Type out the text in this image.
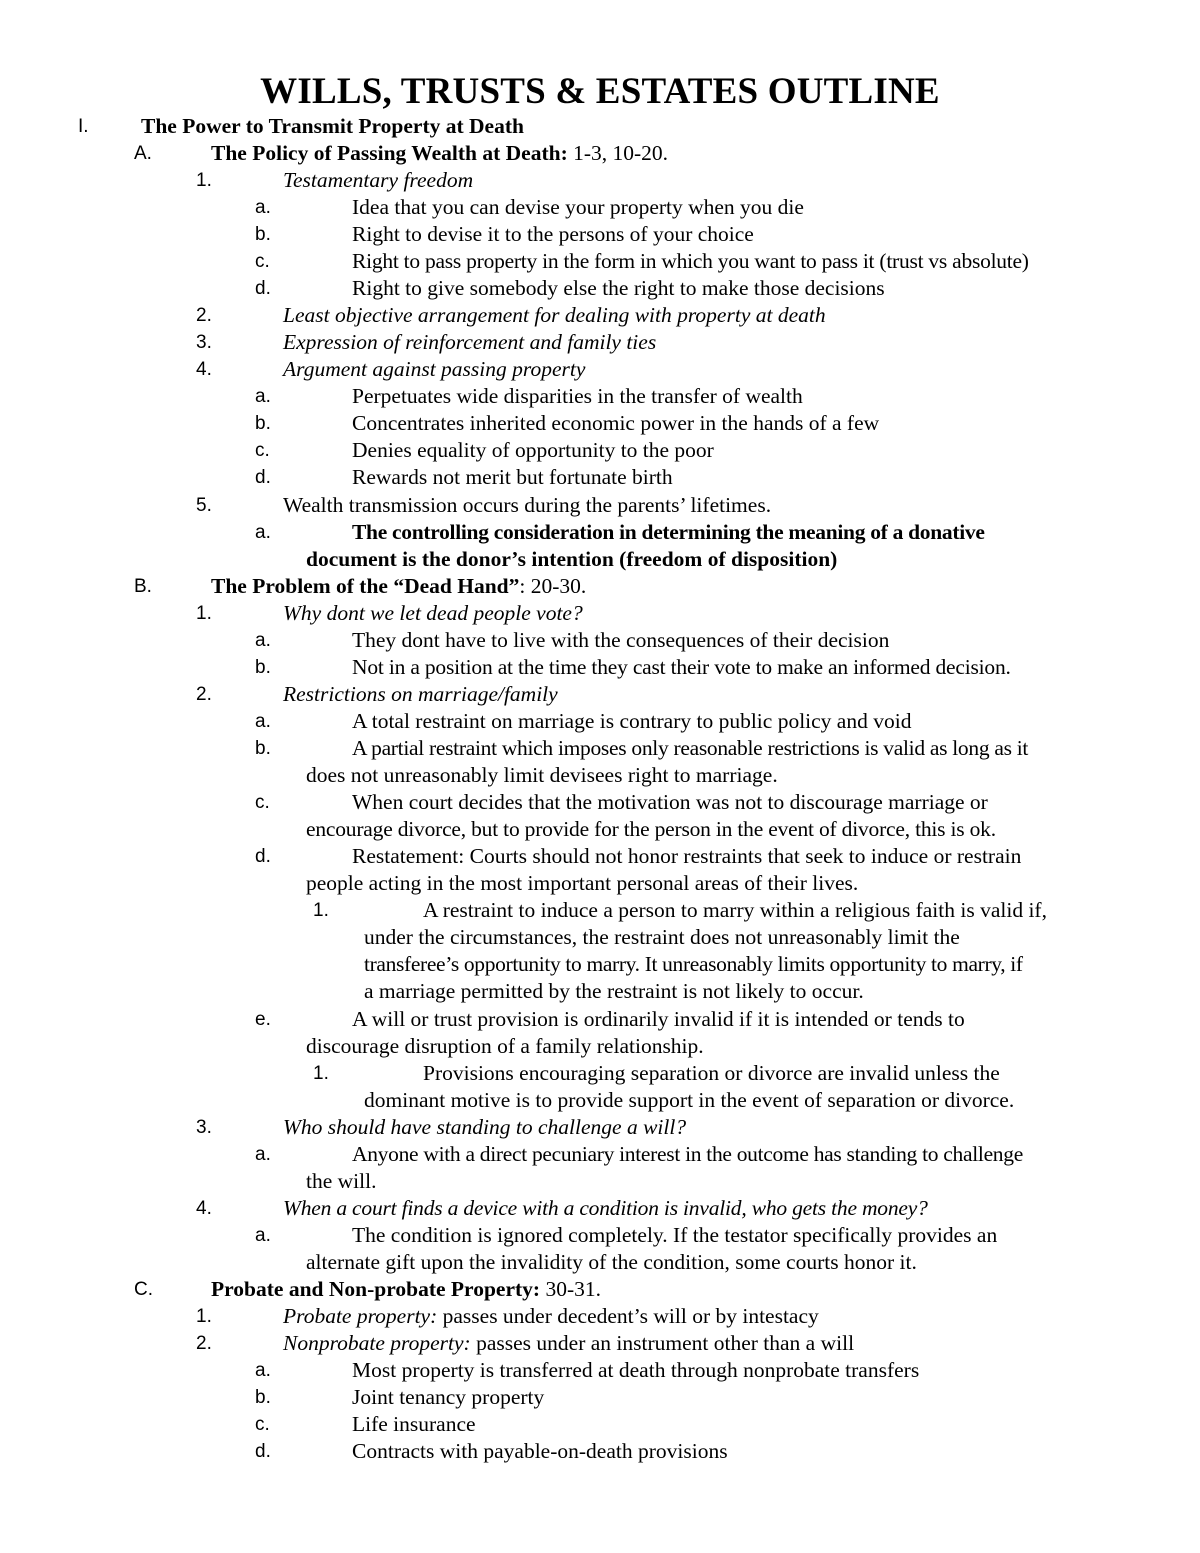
WILLS, TRUSTS & ESTATES OUTLINE
I. The Power to Transmit Property at Death
A.	The Policy of Passing Wealth at Death: 1-3, 10-20.
1.	Testamentary freedom
a.	Idea that you can devise your property when you die
b.	Right to devise it to the persons of your choice
c.	Right to pass property in the form in which you want to pass it (trust vs absolute)
d.	Right to give somebody else the right to make those decisions
2.	Least objective arrangement for dealing with property at death
3.	Expression of reinforcement and family ties
4.	Argument against passing property
a.	Perpetuates wide disparities in the transfer of wealth
b.	Concentrates inherited economic power in the hands of a few
c.	Denies equality of opportunity to the poor
d.	Rewards not merit but fortunate birth
5.	Wealth transmission occurs during the parents’ lifetimes.
a.	The controlling consideration in determining the meaning of a donative
document is the donor’s intention (freedom of disposition)
B.	The Problem of the “Dead Hand”: 20-30.
1.	Why dont we let dead people vote?
a.	They dont have to live with the consequences of their decision
b.	Not in a position at the time they cast their vote to make an informed decision.
2.	Restrictions on marriage/family
a.	A total restraint on marriage is contrary to public policy and void
b.	A partial restraint which imposes only reasonable restrictions is valid as long as it
does not unreasonably limit devisees right to marriage.
c.	When court decides that the motivation was not to discourage marriage or
encourage divorce, but to provide for the person in the event of divorce, this is ok.
d.	Restatement: Courts should not honor restraints that seek to induce or restrain
people acting in the most important personal areas of their lives.
1.	A restraint to induce a person to marry within a religious faith is valid if,
under the circumstances, the restraint does not unreasonably limit the
transferee’s opportunity to marry. It unreasonably limits opportunity to marry, if
a marriage permitted by the restraint is not likely to occur.
e.	A will or trust provision is ordinarily invalid if it is intended or tends to
discourage disruption of a family relationship.
1.	Provisions encouraging separation or divorce are invalid unless the
dominant motive is to provide support in the event of separation or divorce.
3.	Who should have standing to challenge a will?
a.	Anyone with a direct pecuniary interest in the outcome has standing to challenge
the will.
4.	When a court finds a device with a condition is invalid, who gets the money?
a.	The condition is ignored completely. If the testator specifically provides an
alternate gift upon the invalidity of the condition, some courts honor it.
C.	Probate and Non-probate Property: 30-31.
1.	Probate property: passes under decedent’s will or by intestacy
2.	Nonprobate property: passes under an instrument other than a will
a.	Most property is transferred at death through nonprobate transfers
b.	Joint tenancy property
c.	Life insurance
d.	Contracts with payable-on-death provisions
